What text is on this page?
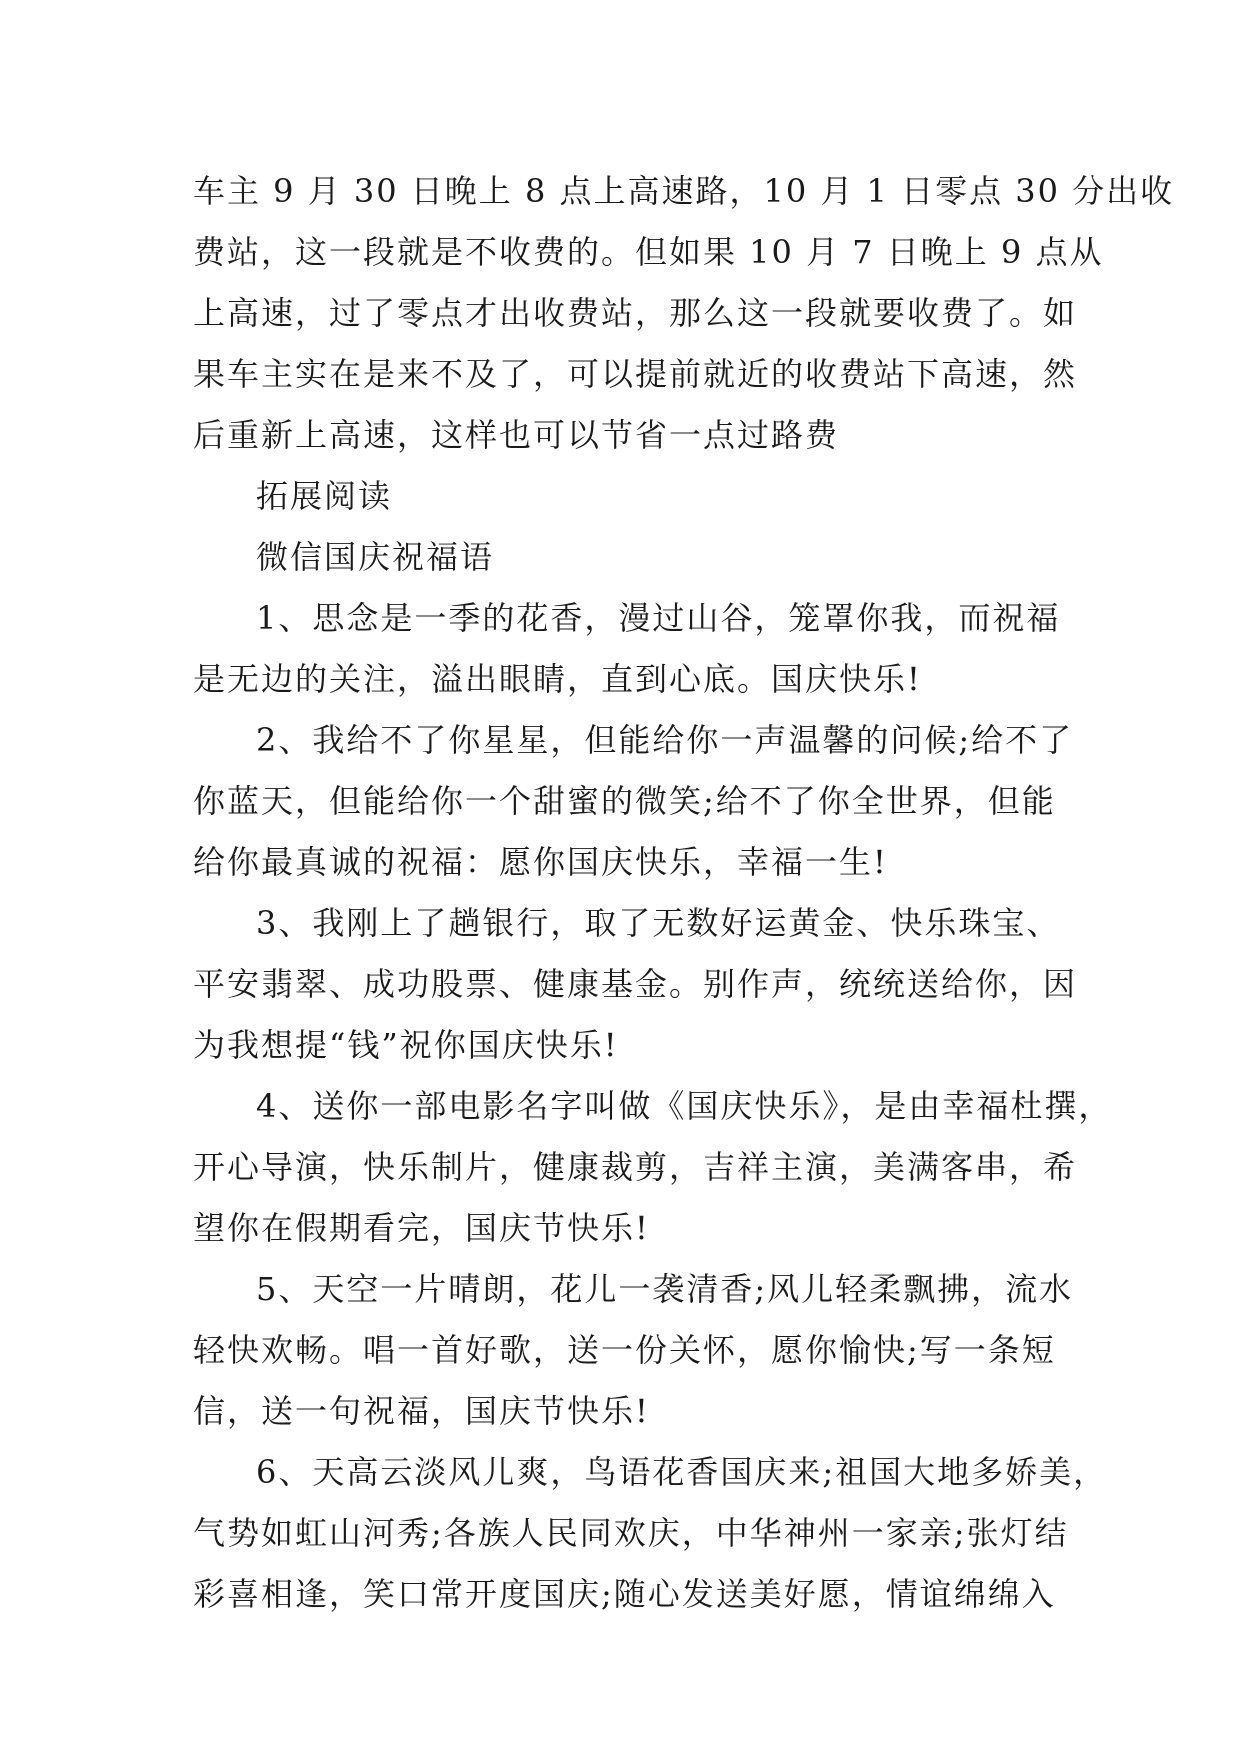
车主 9 月 30 日晚上 8 点上高速路，10 月 1 日零点 30 分出收
费站，这一段就是不收费的。但如果 10 月 7 日晚上 9 点从
上高速，过了零点才出收费站，那么这一段就要收费了。如
果车主实在是来不及了，可以提前就近的收费站下高速，然
后重新上高速，这样也可以节省一点过路费
拓展阅读
微信国庆祝福语
1、思念是一季的花香，漫过山谷，笼罩你我，而祝福
是无边的关注，溢出眼睛，直到心底。国庆快乐!
2、我给不了你星星，但能给你一声温馨的问候;给不了
你蓝天，但能给你一个甜蜜的微笑;给不了你全世界，但能
给你最真诚的祝福：愿你国庆快乐，幸福一生!
3、我刚上了趟银行，取了无数好运黄金、快乐珠宝、
平安翡翠、成功股票、健康基金。别作声，统统送给你，因
为我想提“钱”祝你国庆快乐!
4、送你一部电影名字叫做《国庆快乐》，是由幸福杜撰，
开心导演，快乐制片，健康裁剪，吉祥主演，美满客串，希
望你在假期看完，国庆节快乐!
5、天空一片晴朗，花儿一袭清香;风儿轻柔飘拂，流水
轻快欢畅。唱一首好歌，送一份关怀，愿你愉快;写一条短
信，送一句祝福，国庆节快乐!
6、天高云淡风儿爽，鸟语花香国庆来;祖国大地多娇美，
气势如虹山河秀;各族人民同欢庆，中华神州一家亲;张灯结
彩喜相逢，笑口常开度国庆;随心发送美好愿，情谊绵绵入
